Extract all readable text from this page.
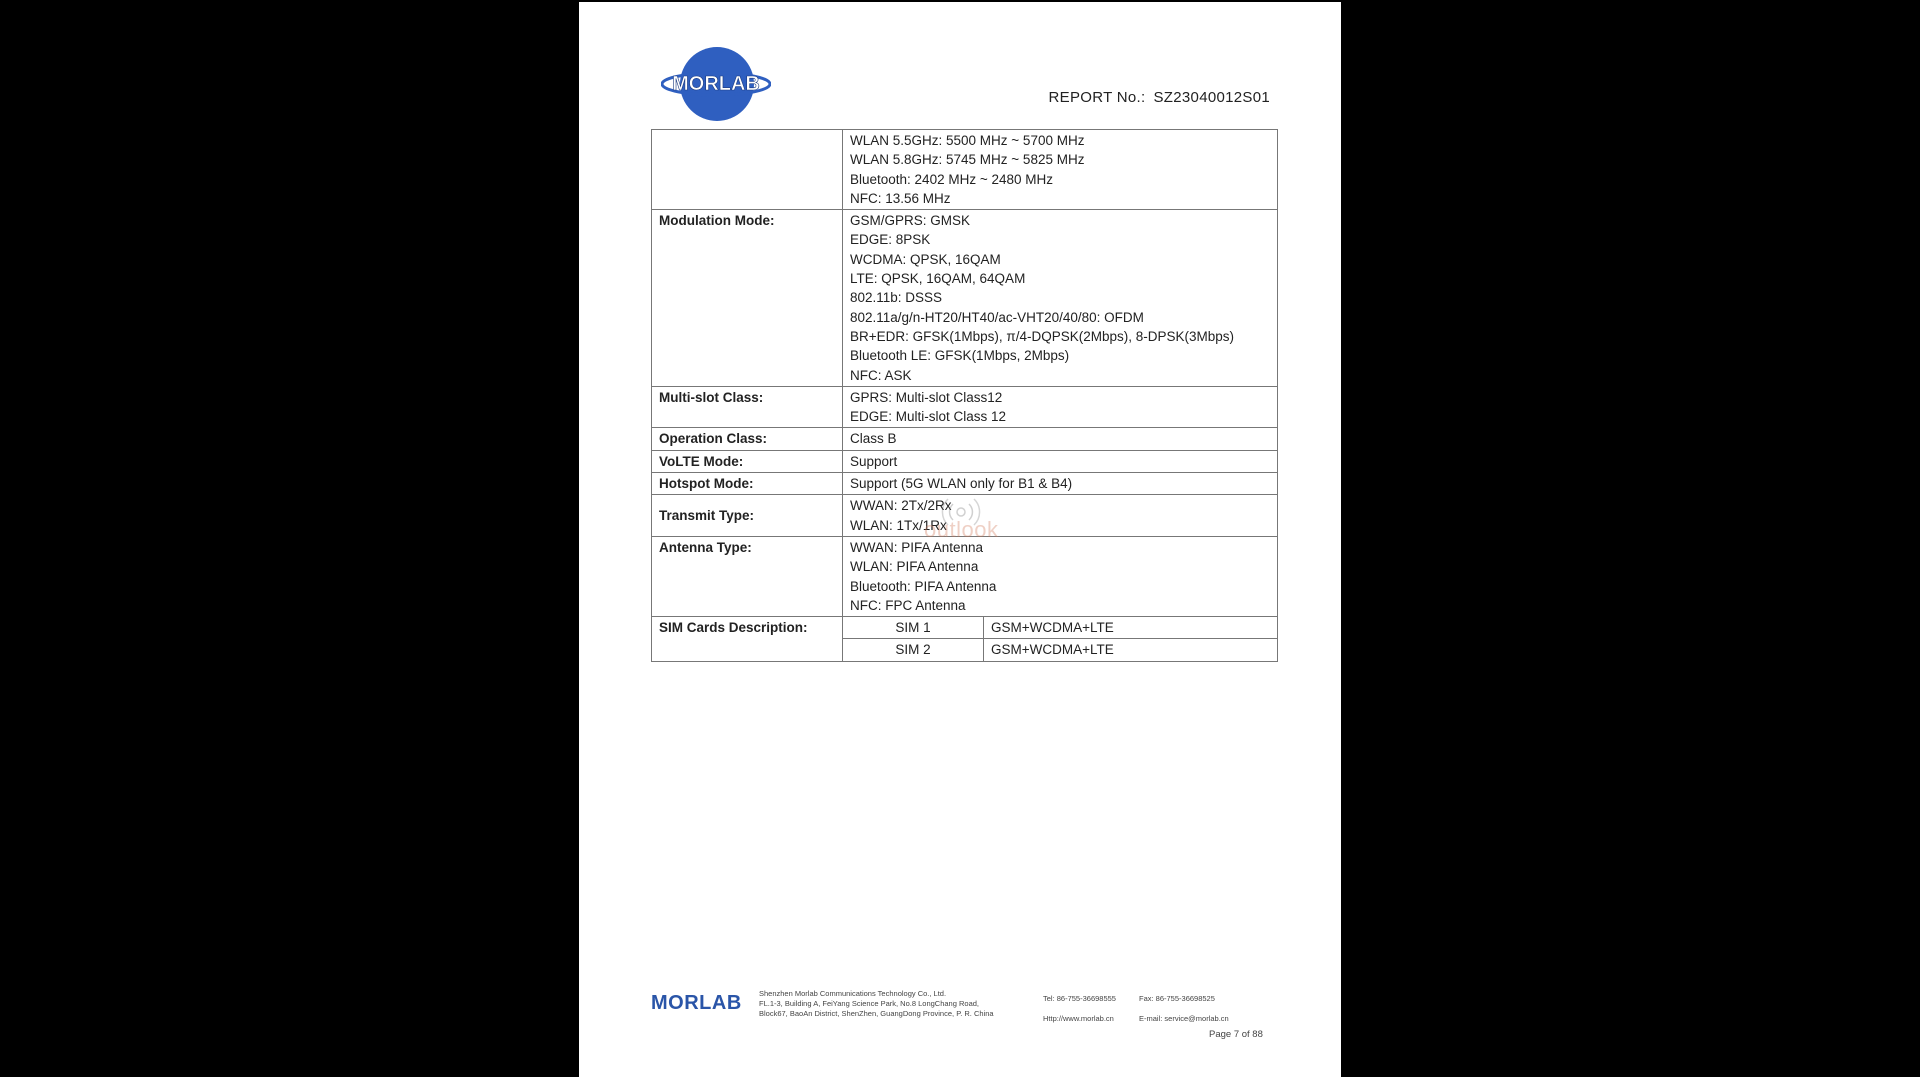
MORLAB
REPORT No.: SZ23040012S01

WLAN 5.5GHz: 5500 MHz ~ 5700 MHz
WLAN 5.8GHz: 5745 MHz ~ 5825 MHz
Bluetooth: 2402 MHz ~ 2480 MHz
NFC: 13.56 MHz

Modulation Mode:	GSM/GPRS: GMSK
EDGE: 8PSK
WCDMA: QPSK, 16QAM
LTE: QPSK, 16QAM, 64QAM
802.11b: DSSS
802.11a/g/n-HT20/HT40/ac-VHT20/40/80: OFDM
BR+EDR: GFSK(1Mbps), π/4-DQPSK(2Mbps), 8-DPSK(3Mbps)
Bluetooth LE: GFSK(1Mbps, 2Mbps)
NFC: ASK

Multi-slot Class:	GPRS: Multi-slot Class12
EDGE: Multi-slot Class 12

Operation Class:	Class B
VoLTE Mode:	Support
Hotspot Mode:	Support (5G WLAN only for B1 & B4)
Transmit Type:	
WWAN: 2Tx/2Rx
WLAN: 1Tx/1Rx

Antenna Type:	WWAN: PIFA Antenna
WLAN: PIFA Antenna
Bluetooth: PIFA Antenna
NFC: FPC Antenna

SIM Cards Description:		SIM 1	GSM+WCDMA+LTE
SIM 2	GSM+WCDMA+LTE
outlook
MORLAB Shenzhen Morlab Communications Technology Co., Ltd.
FL.1-3, Building A, FeiYang Science Park, No.8 LongChang Road,
Block67, BaoAn District, ShenZhen, GuangDong Province, P. R. China
Tel: 86-755-36698555	Fax: 86-755-36698525
Http://www.morlab.cn	E-mail: service@morlab.cn
Page 7 of 88
